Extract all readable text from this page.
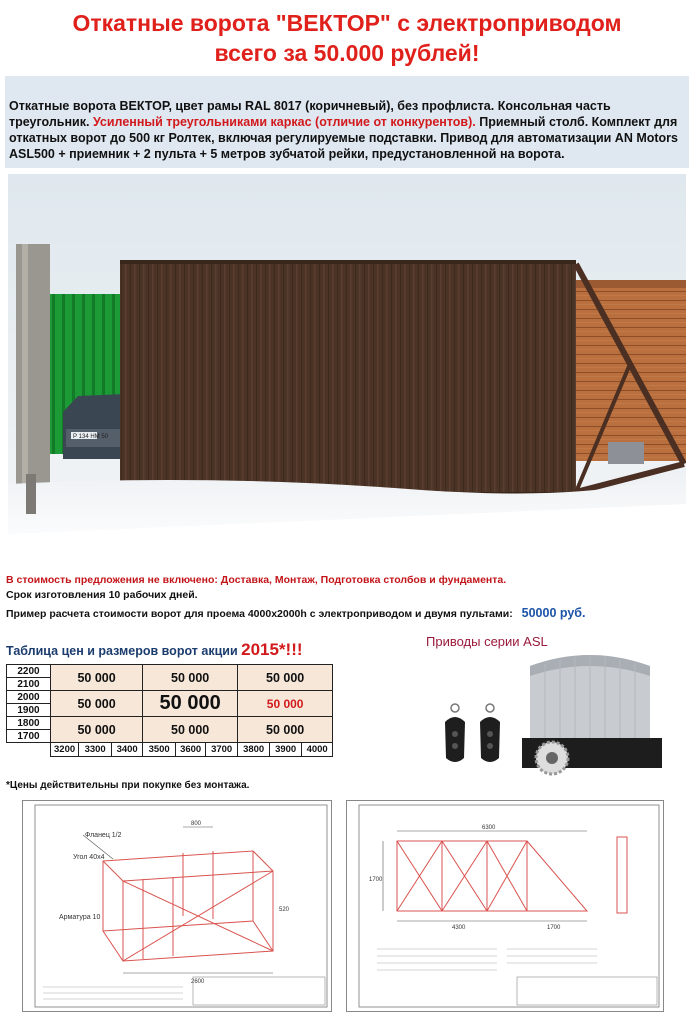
Откатные ворота "ВЕКТОР" с электроприводом
всего за 50.000 рублей!
Откатные ворота ВЕКТОР, цвет рамы RAL 8017 (коричневый), без профлиста. Консольная часть треугольник. Усиленный треугольниками каркас (отличие от конкурентов). Приемный столб. Комплект для откатных ворот до 500 кг Ролтек, включая регулируемые подставки. Привод для автоматизации AN Motors ASL500 + приемник + 2 пульта + 5 метров зубчатой рейки, предустановленной на ворота.
Р 134 НМ 50
В стоимость предложения не включено: Доставка, Монтаж, Подготовка столбов и фундамента.
Срок изготовления 10 рабочих дней.
Пример расчета стоимости ворот для проема 4000х2000h с электроприводом и двумя пультами: 50000 руб.
Таблица цен и размеров ворот акции 2015*!!!
2200	50 000			50 000			50 000		
2100									
2000	50 000			50 000			50 000		
1900									
1800	50 000			50 000			50 000		
1700									
	3200	3300	3400	3500	3600	3700	3800	3900	4000
Приводы серии ASL
*Цены действительны при покупке без монтажа.
Фланец 1/2
Угол 40х4
Арматура 10
800
2600
520
6300
4300	1700
1700
